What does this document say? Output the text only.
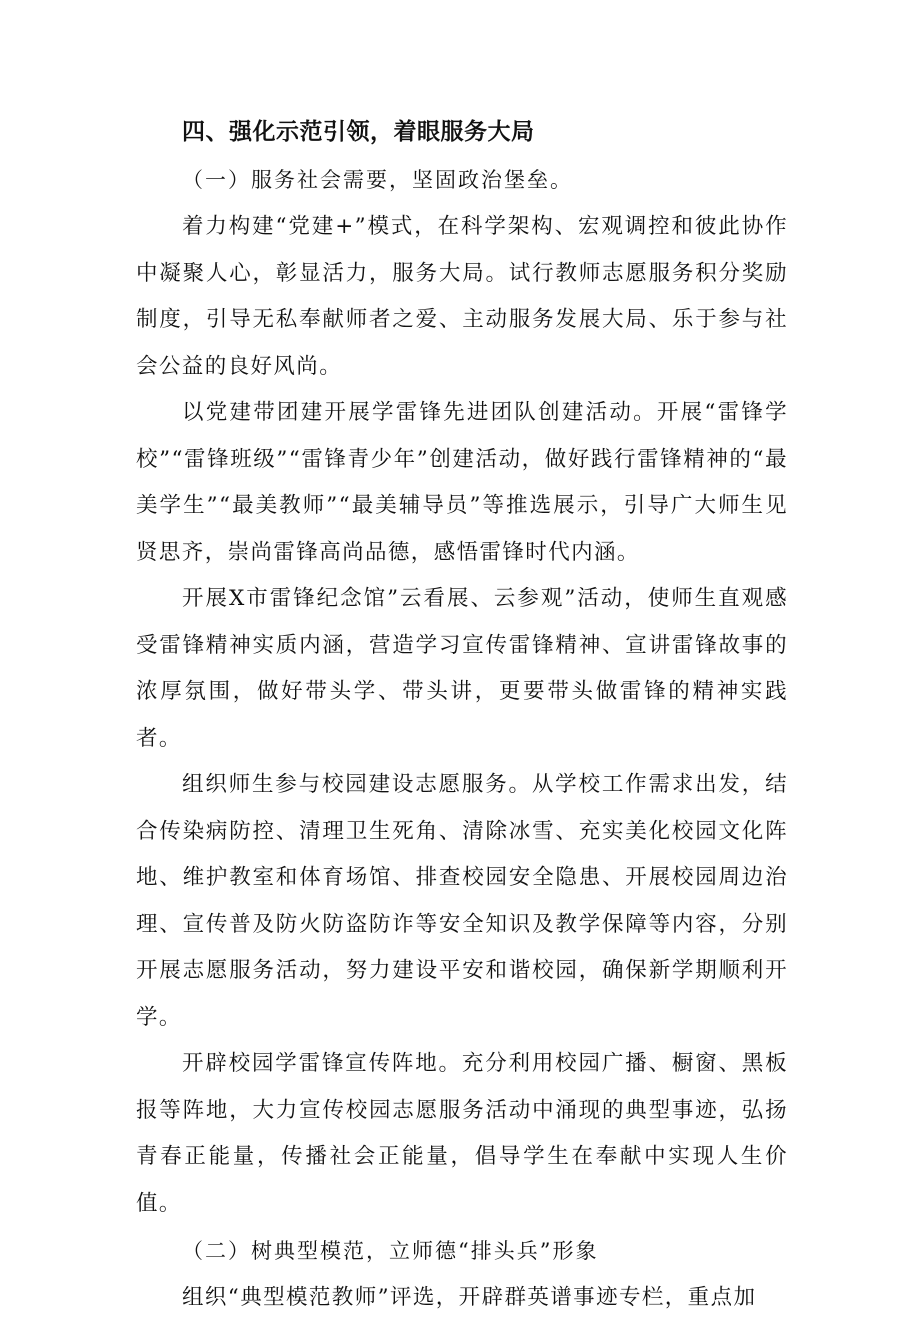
四、强化示范引领，着眼服务大局

（一）服务社会需要，坚固政治堡垒。

着力构建“党建+”模式，在科学架构、宏观调控和彼此协作中凝聚人心，彰显活力，服务大局。试行教师志愿服务积分奖励制度，引导无私奉献师者之爱、主动服务发展大局、乐于参与社会公益的良好风尚。

以党建带团建开展学雷锋先进团队创建活动。开展“雷锋学校”“雷锋班级”“雷锋青少年”创建活动，做好践行雷锋精神的“最美学生”“最美教师”“最美辅导员”等推选展示，引导广大师生见贤思齐，崇尚雷锋高尚品德，感悟雷锋时代内涵。

开展X市雷锋纪念馆”云看展、云参观”活动，使师生直观感受雷锋精神实质内涵，营造学习宣传雷锋精神、宣讲雷锋故事的浓厚氛围，做好带头学、带头讲，更要带头做雷锋的精神实践者。

组织师生参与校园建设志愿服务。从学校工作需求出发，结合传染病防控、清理卫生死角、清除冰雪、充实美化校园文化阵地、维护教室和体育场馆、排查校园安全隐患、开展校园周边治理、宣传普及防火防盗防诈等安全知识及教学保障等内容，分别开展志愿服务活动，努力建设平安和谐校园，确保新学期顺利开学。

开辟校园学雷锋宣传阵地。充分利用校园广播、橱窗、黑板报等阵地，大力宣传校园志愿服务活动中涌现的典型事迹，弘扬青春正能量，传播社会正能量，倡导学生在奉献中实现人生价值。

（二）树典型模范，立师德“排头兵”形象

组织“典型模范教师”评选，开辟群英谱事迹专栏，重点加
